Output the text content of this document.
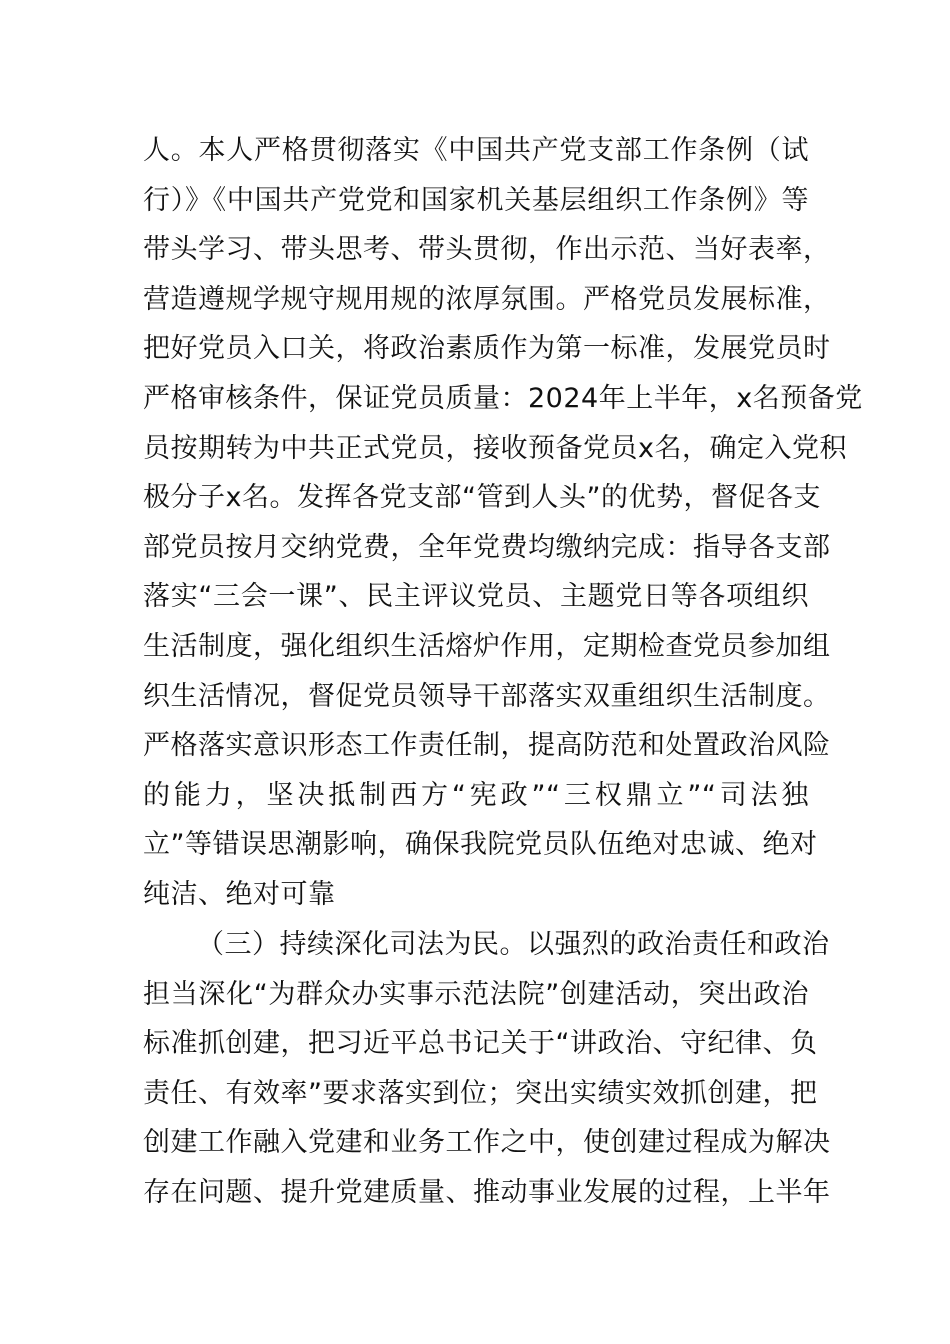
人。本人严格贯彻落实《中国共产党支部工作条例（试
行）》《中国共产党党和国家机关基层组织工作条例》等
带头学习、带头思考、带头贯彻，作出示范、当好表率，
营造遵规学规守规用规的浓厚氛围。严格党员发展标准，
把好党员入口关，将政治素质作为第一标准，发展党员时
严格审核条件，保证党员质量：2024年上半年，x名预备党
员按期转为中共正式党员，接收预备党员x名，确定入党积
极分子x名。发挥各党支部“管到人头”的优势，督促各支
部党员按月交纳党费，全年党费均缴纳完成：指导各支部
落实“三会一课”、民主评议党员、主题党日等各项组织
生活制度，强化组织生活熔炉作用，定期检查党员参加组
织生活情况，督促党员领导干部落实双重组织生活制度。
严格落实意识形态工作责任制，提高防范和处置政治风险
的能力，坚决抵制西方“宪政”“三权鼎立”“司法独
立”等错误思潮影响，确保我院党员队伍绝对忠诚、绝对
纯洁、绝对可靠
（三）持续深化司法为民。以强烈的政治责任和政治
担当深化“为群众办实事示范法院”创建活动，突出政治
标准抓创建，把习近平总书记关于“讲政治、守纪律、负
责任、有效率”要求落实到位；突出实绩实效抓创建，把
创建工作融入党建和业务工作之中，使创建过程成为解决
存在问题、提升党建质量、推动事业发展的过程，上半年
